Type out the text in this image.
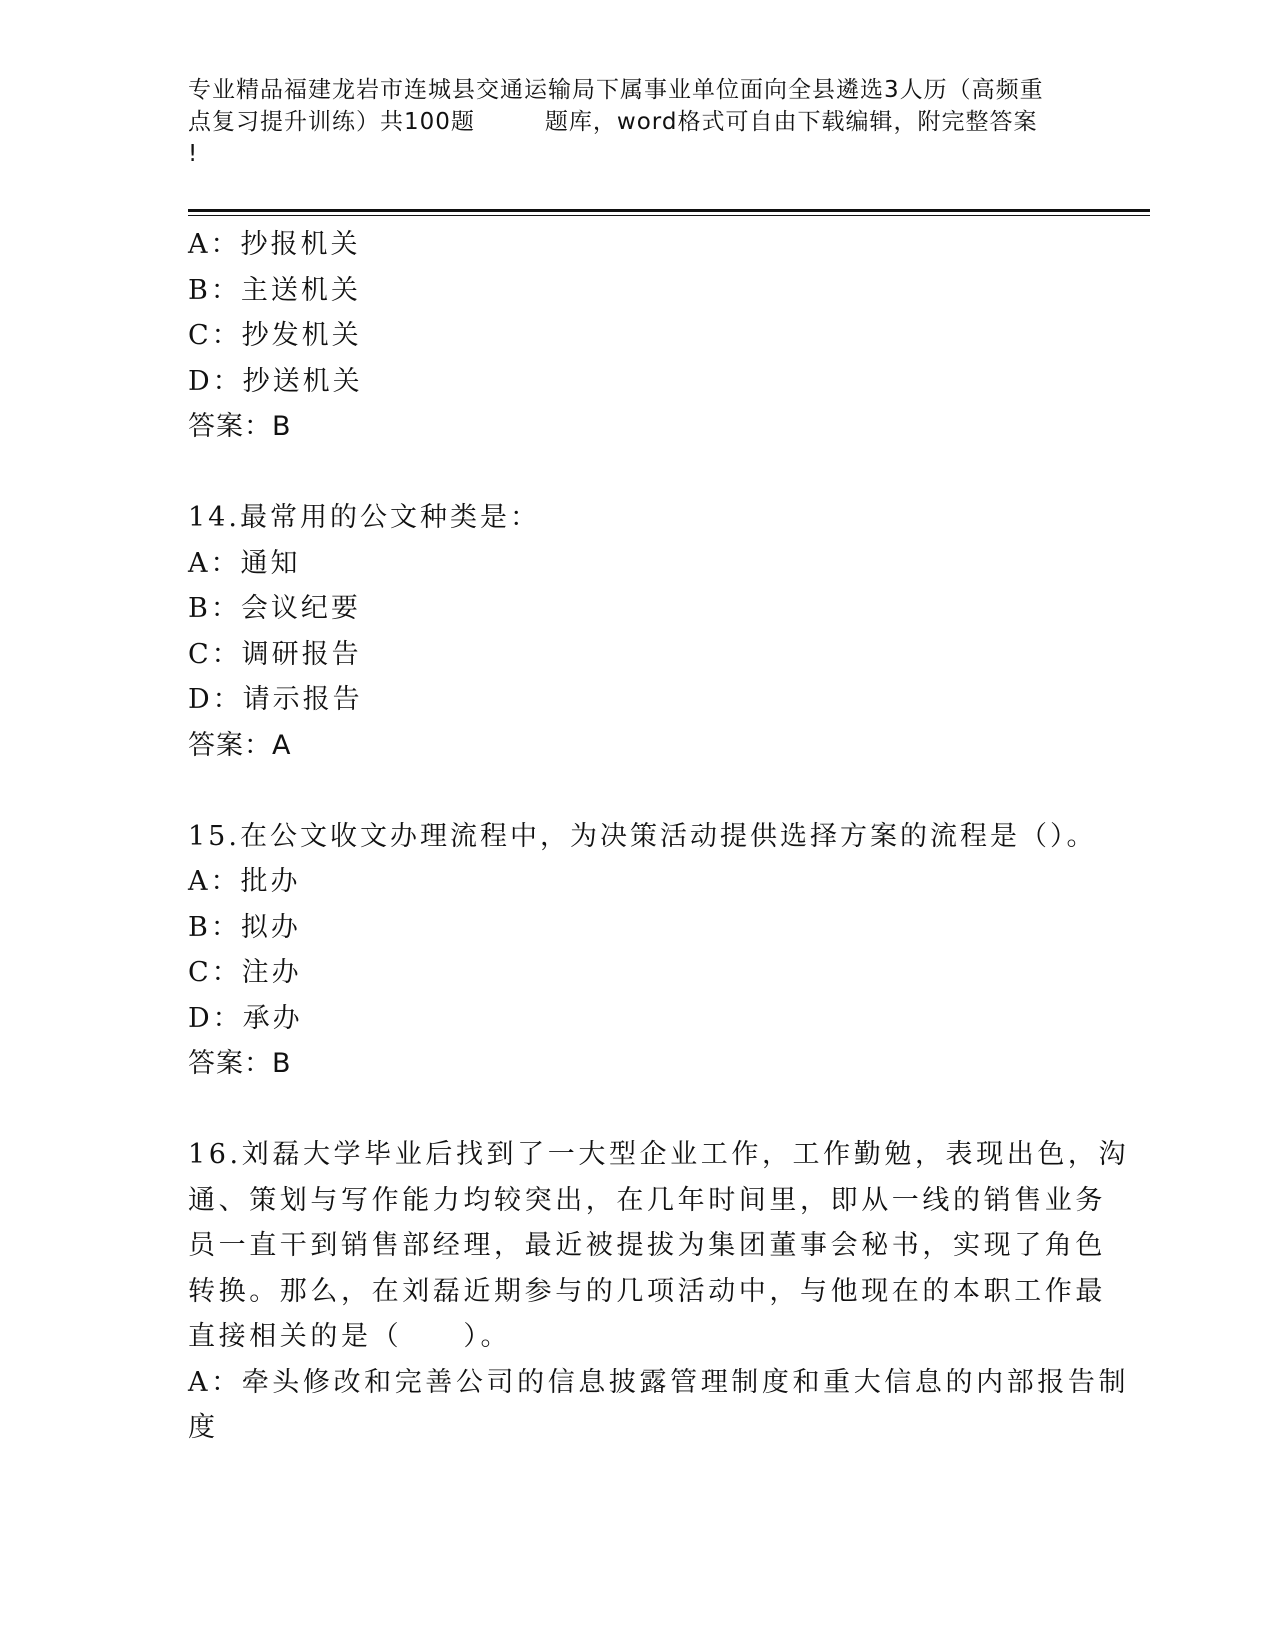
专业精品福建龙岩市连城县交通运输局下属事业单位面向全县遴选3人历（高频重
点复习提升训练）共100题	题库，word格式可自由下载编辑，附完整答案
!
A：抄报机关
B：主送机关
C：抄发机关
D：抄送机关
答案：B
14.最常用的公文种类是：
A：通知
B：会议纪要
C：调研报告
D：请示报告
答案：A
15.在公文收文办理流程中，为决策活动提供选择方案的流程是（）。
A：批办
B：拟办
C：注办
D：承办
答案：B
16.刘磊大学毕业后找到了一大型企业工作，工作勤勉，表现出色，沟
通、策划与写作能力均较突出，在几年时间里，即从一线的销售业务
员一直干到销售部经理，最近被提拔为集团董事会秘书，实现了角色
转换。那么，在刘磊近期参与的几项活动中，与他现在的本职工作最
直接相关的是（　　）。
A：牵头修改和完善公司的信息披露管理制度和重大信息的内部报告制
度
